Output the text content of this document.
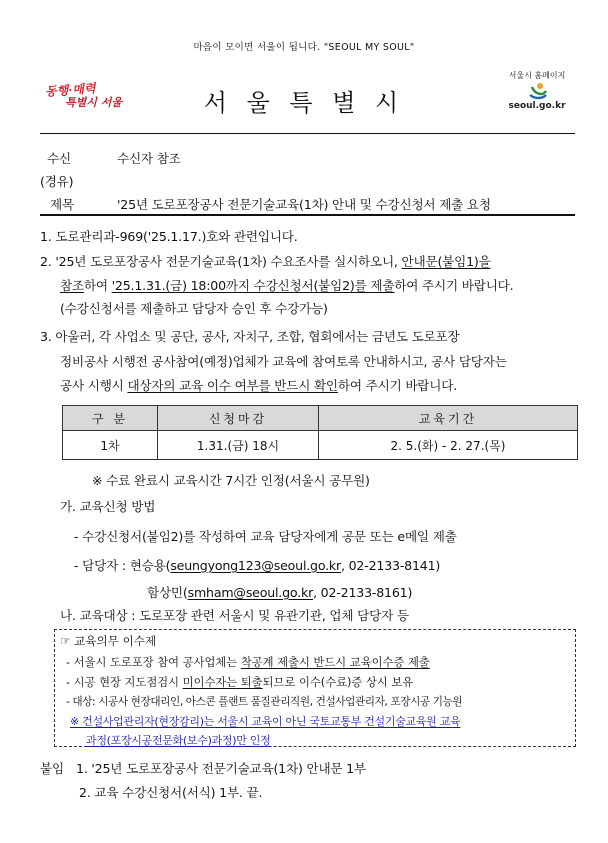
마음이 모이면 서울이 됩니다. "SEOUL MY SOUL"
동행·매력
특별시 서울	서 울 특 별 시
서울시 홈페이지
seoul.go.kr
수신	수신자 참조
(경유)
제목	'25년 도로포장공사 전문기술교육(1차) 안내 및 수강신청서 제출 요청
1. 도로관리과-969('25.1.17.)호와 관련입니다.
2. '25년 도로포장공사 전문기술교육(1차) 수요조사를 실시하오니, 안내문(붙임1)을
참조하여 '25.1.31.(금) 18:00까지 수강신청서(붙임2)를 제출하여 주시기 바랍니다.
(수강신청서를 제출하고 담당자 승인 후 수강가능)
3. 아울러, 각 사업소 및 공단, 공사, 자치구, 조합, 협회에서는 금년도 도로포장
정비공사 시행전 공사참여(예정)업체가 교육에 참여토록 안내하시고, 공사 담당자는
공사 시행시 대상자의 교육 이수 여부를 반드시 확인하여 주시기 바랍니다.
구 분	신청마감	교육기간
1차	1.31.(금) 18시	2. 5.(화) - 2. 27.(목)
※ 수료 완료시 교육시간 7시간 인정(서울시 공무원)
가. 교육신청 방법
- 수강신청서(붙임2)를 작성하여 교육 담당자에게 공문 또는 e메일 제출
- 담당자 : 현승용(seungyong123@seoul.go.kr, 02-2133-8141)
함상민(smham@seoul.go.kr, 02-2133-8161)
나. 교육대상 : 도로포장 관련 서울시 및 유관기관, 업체 담당자 등
☞ 교육의무 이수제
- 서울시 도로포장 참여 공사업체는 착공계 제출시 반드시 교육이수증 제출
- 시공 현장 지도점검시 미이수자는 퇴출되므로 이수(수료)증 상시 보유
- 대상: 시공사 현장대리인, 아스콘 플랜트 품질관리직원, 건설사업관리자, 포장시공 기능원
※ 건설사업관리자(현장감리)는 서울시 교육이 아닌 국토교통부 건설기술교육원 교육
과정(포장시공전문화(보수)과정)만 인정
붙임 1. '25년 도로포장공사 전문기술교육(1차) 안내문 1부
2. 교육 수강신청서(서식) 1부. 끝.
